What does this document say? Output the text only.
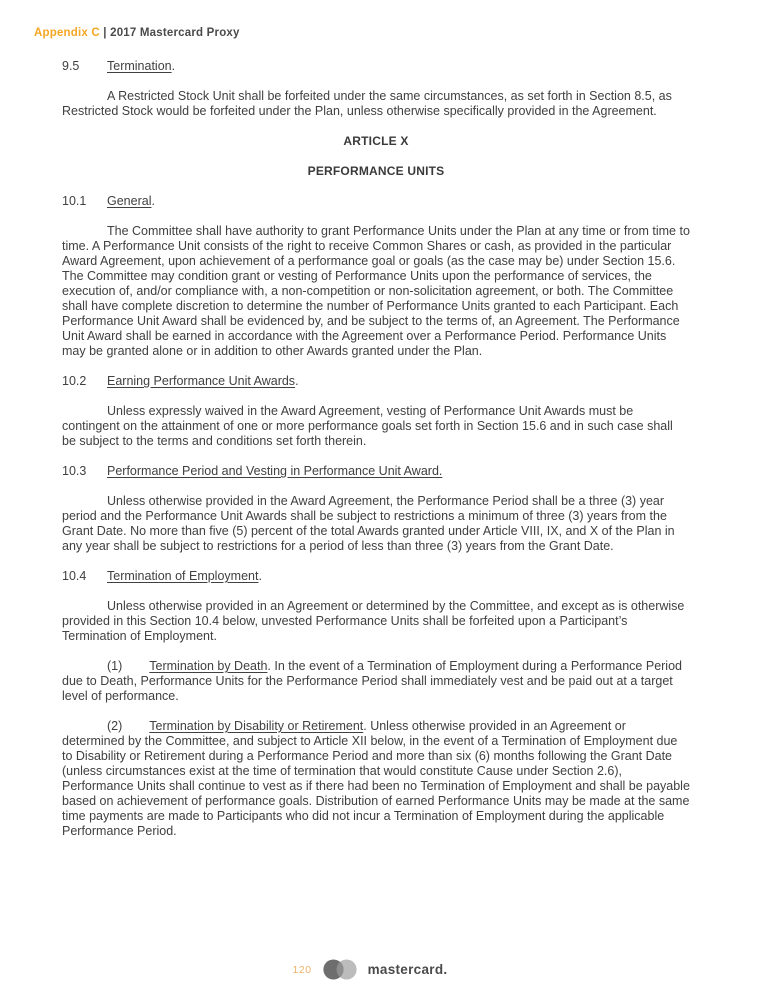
Appendix C | 2017 Mastercard Proxy
9.5 Termination.

A Restricted Stock Unit shall be forfeited under the same circumstances, as set forth in Section 8.5, as Restricted Stock would be forfeited under the Plan, unless otherwise specifically provided in the Agreement.

ARTICLE X
PERFORMANCE UNITS
10.1 General.

The Committee shall have authority to grant Performance Units under the Plan at any time or from time to time. A Performance Unit consists of the right to receive Common Shares or cash, as provided in the particular Award Agreement, upon achievement of a performance goal or goals (as the case may be) under Section 15.6. The Committee may condition grant or vesting of Performance Units upon the performance of services, the execution of, and/or compliance with, a non-competition or non-solicitation agreement, or both. The Committee shall have complete discretion to determine the number of Performance Units granted to each Participant. Each Performance Unit Award shall be evidenced by, and be subject to the terms of, an Agreement. The Performance Unit Award shall be earned in accordance with the Agreement over a Performance Period. Performance Units may be granted alone or in addition to other Awards granted under the Plan.

10.2 Earning Performance Unit Awards.

Unless expressly waived in the Award Agreement, vesting of Performance Unit Awards must be contingent on the attainment of one or more performance goals set forth in Section 15.6 and in such case shall be subject to the terms and conditions set forth therein.

10.3 Performance Period and Vesting in Performance Unit Award.

Unless otherwise provided in the Award Agreement, the Performance Period shall be a three (3) year period and the Performance Unit Awards shall be subject to restrictions a minimum of three (3) years from the Grant Date. No more than five (5) percent of the total Awards granted under Article VIII, IX, and X of the Plan in any year shall be subject to restrictions for a period of less than three (3) years from the Grant Date.

10.4 Termination of Employment.

Unless otherwise provided in an Agreement or determined by the Committee, and except as is otherwise provided in this Section 10.4 below, unvested Performance Units shall be forfeited upon a Participant’s Termination of Employment.

(1) Termination by Death. In the event of a Termination of Employment during a Performance Period due to Death, Performance Units for the Performance Period shall immediately vest and be paid out at a target level of performance.

(2) Termination by Disability or Retirement. Unless otherwise provided in an Agreement or determined by the Committee, and subject to Article XII below, in the event of a Termination of Employment due to Disability or Retirement during a Performance Period and more than six (6) months following the Grant Date (unless circumstances exist at the time of termination that would constitute Cause under Section 2.6), Performance Units shall continue to vest as if there had been no Termination of Employment and shall be payable based on achievement of performance goals. Distribution of earned Performance Units may be made at the same time payments are made to Participants who did not incur a Termination of Employment during the applicable Performance Period.

120	mastercard.
